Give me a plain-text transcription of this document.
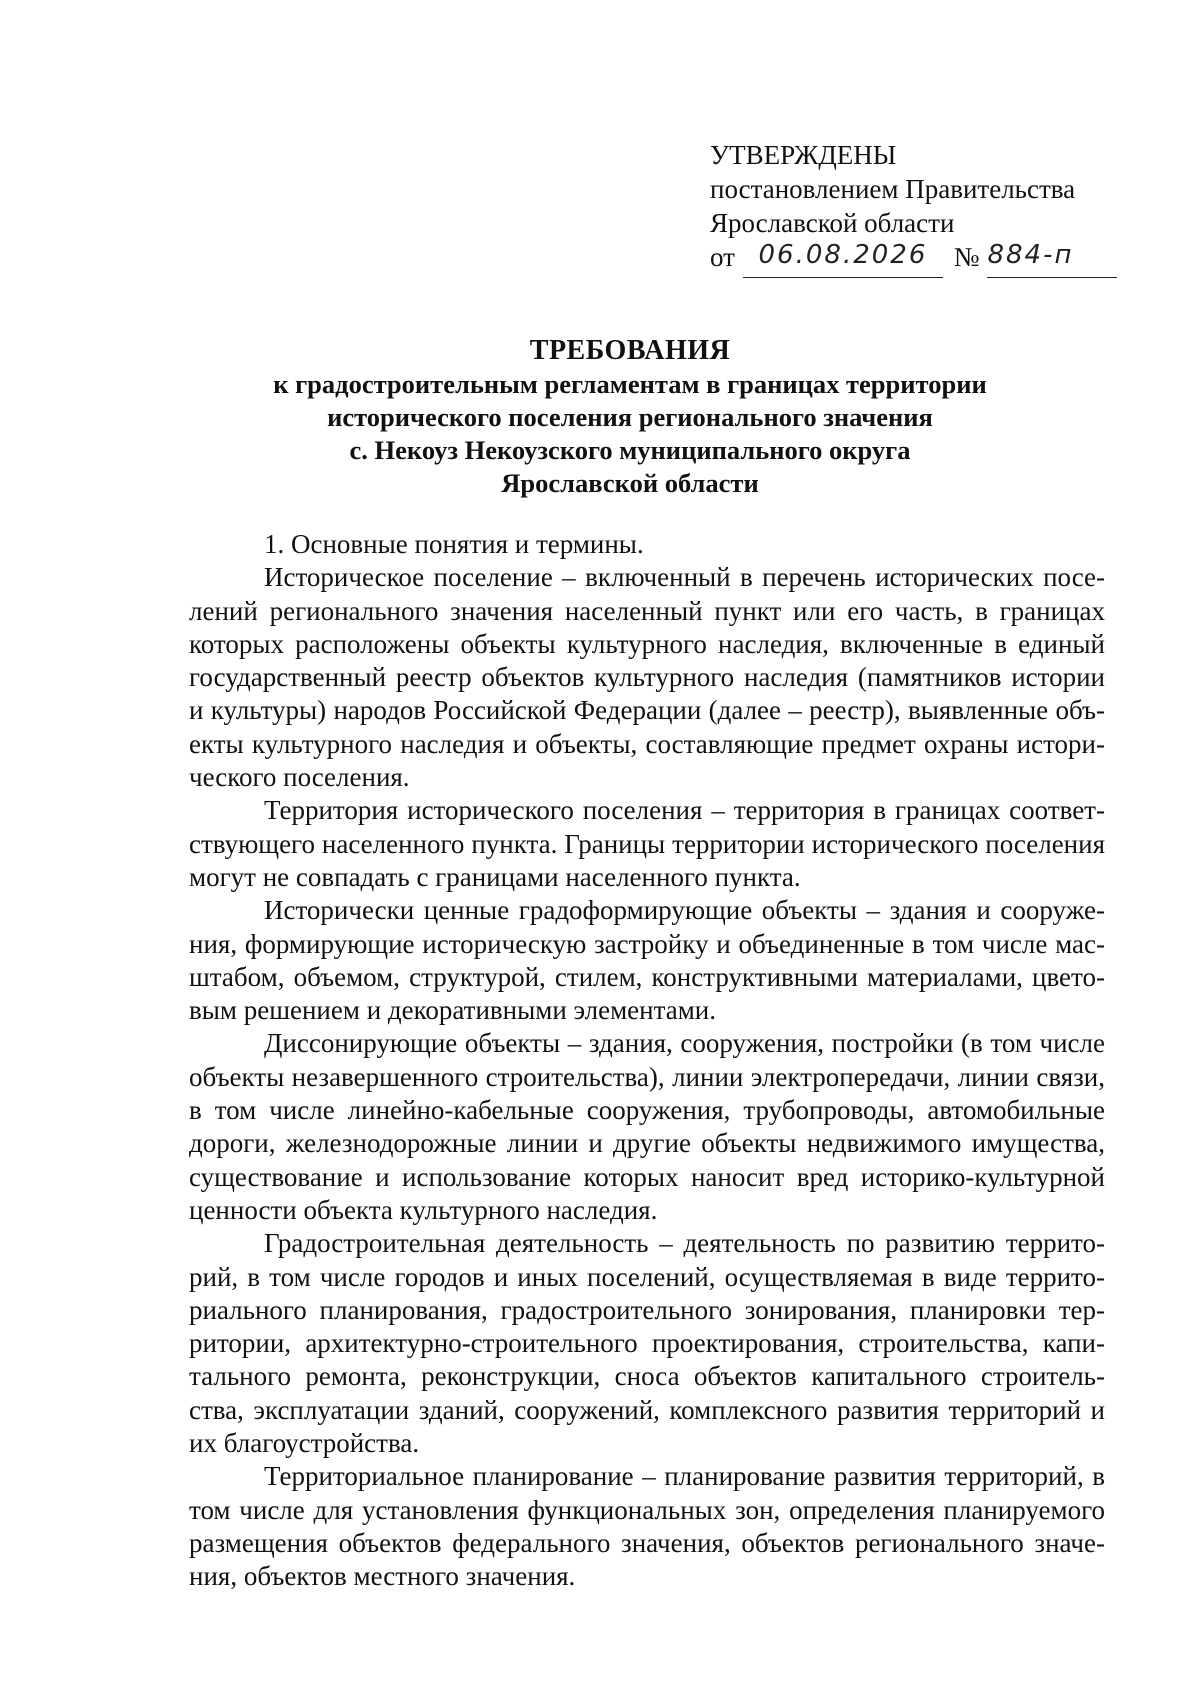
УТВЕРЖДЕНЫ
постановлением Правительства
Ярославской области
от 06.08.2026 № 884-п
ТРЕБОВАНИЯ
к градостроительным регламентам в границах территории
исторического поселения регионального значения
с. Некоуз Некоузского муниципального округа
Ярославской области

1. Основные понятия и термины.

Историческое поселение – включенный в перечень исторических поселений регионального значения населенный пункт или его часть, в границах которых расположены объекты культурного наследия, включенные в единый государственный реестр объектов культурного наследия (памятников истории и культуры) народов Российской Федерации (далее – реестр), выявленные объекты культурного наследия и объекты, составляющие предмет охраны исторического поселения.

Территория исторического поселения – территория в границах соответствующего населенного пункта. Границы территории исторического поселения могут не совпадать с границами населенного пункта.

Исторически ценные градоформирующие объекты – здания и сооружения, формирующие историческую застройку и объединенные в том числе масштабом, объемом, структурой, стилем, конструктивными материалами, цветовым решением и декоративными элементами.

Диссонирующие объекты – здания, сооружения, постройки (в том числе объекты незавершенного строительства), линии электропередачи, линии связи, в том числе линейно-кабельные сооружения, трубопроводы, автомобильные дороги, железнодорожные линии и другие объекты недвижимого имущества, существование и использование которых наносит вред историко-культурной ценности объекта культурного наследия.

Градостроительная деятельность – деятельность по развитию территорий, в том числе городов и иных поселений, осуществляемая в виде территориального планирования, градостроительного зонирования, планировки территории, архитектурно-строительного проектирования, строительства, капитального ремонта, реконструкции, сноса объектов капитального строительства, эксплуатации зданий, сооружений, комплексного развития территорий и их благоустройства.

Территориальное планирование – планирование развития территорий, в том числе для установления функциональных зон, определения планируемого размещения объектов федерального значения, объектов регионального значения, объектов местного значения.
